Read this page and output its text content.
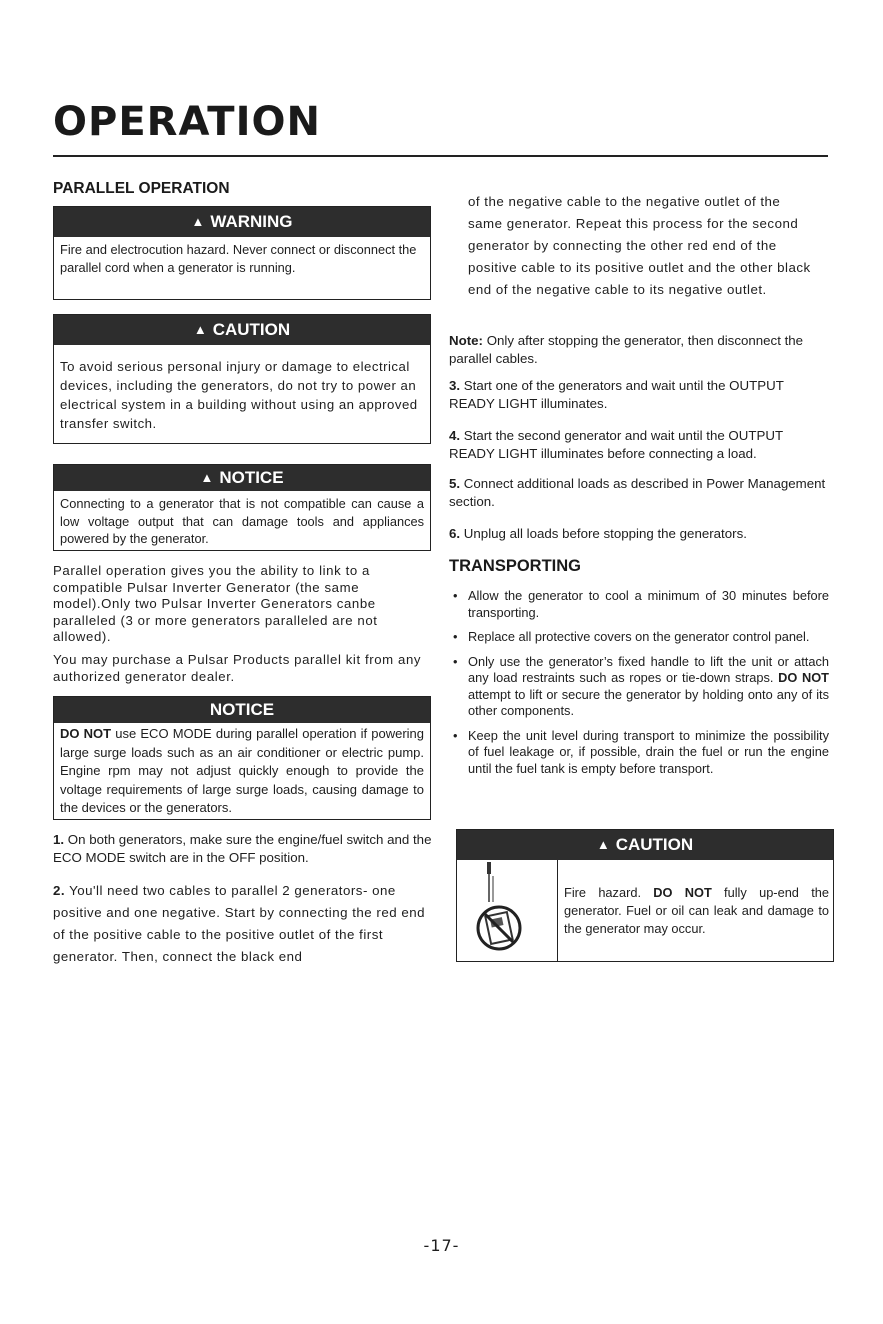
OPERATION
PARALLEL OPERATION
▲ WARNING
Fire and electrocution hazard. Never connect or disconnect the parallel cord when a generator is running.
▲ CAUTION
To avoid serious personal injury or damage to electrical devices, including the generators, do not try to power an electrical system in a building without using an approved transfer switch.
▲ NOTICE
Connecting to a generator that is not compatible can cause a low voltage output that can damage tools and appliances powered by the generator.
Parallel operation gives you the ability to link to a compatible Pulsar Inverter Generator (the same model).Only two Pulsar Inverter Generators canbe paralleled (3 or more generators paralleled are not allowed).
You may purchase a Pulsar Products parallel kit from any authorized generator dealer.
NOTICE
DO NOT use ECO MODE during parallel operation if powering large surge loads such as an air conditioner or electric pump. Engine rpm may not adjust quickly enough to provide the voltage requirements of large surge loads, causing damage to the devices or the generators.
1. On both generators, make sure the engine/fuel switch and the ECO MODE switch are in the OFF position.
2. You'll need two cables to parallel 2 generators- one positive and one negative. Start by connecting the red end of the positive cable to the positive outlet of the first generator. Then, connect the black end
of the negative cable to the negative outlet of the same generator. Repeat this process for the second generator by connecting the other red end of the positive cable to its positive outlet and the other black end of the negative cable to its negative outlet.
Note: Only after stopping the generator, then disconnect the parallel cables.
3. Start one of the generators and wait until the OUTPUT READY LIGHT illuminates.
4. Start the second generator and wait until the OUTPUT READY LIGHT illuminates before connecting a load.
5. Connect additional loads as described in Power Management section.
6. Unplug all loads before stopping the generators.
TRANSPORTING
• Allow the generator to cool a minimum of 30 minutes before transporting.
• Replace all protective covers on the generator control panel.
• Only use the generator’s fixed handle to lift the unit or attach any load restraints such as ropes or tie-down straps. DO NOT attempt to lift or secure the generator by holding onto any of its other components.
• Keep the unit level during transport to minimize the possibility of fuel leakage or, if possible, drain the fuel or run the engine until the fuel tank is empty before transport.
▲ CAUTION
Fire hazard. DO NOT fully up-end the generator. Fuel or oil can leak and damage to the generator may occur.
-17-
